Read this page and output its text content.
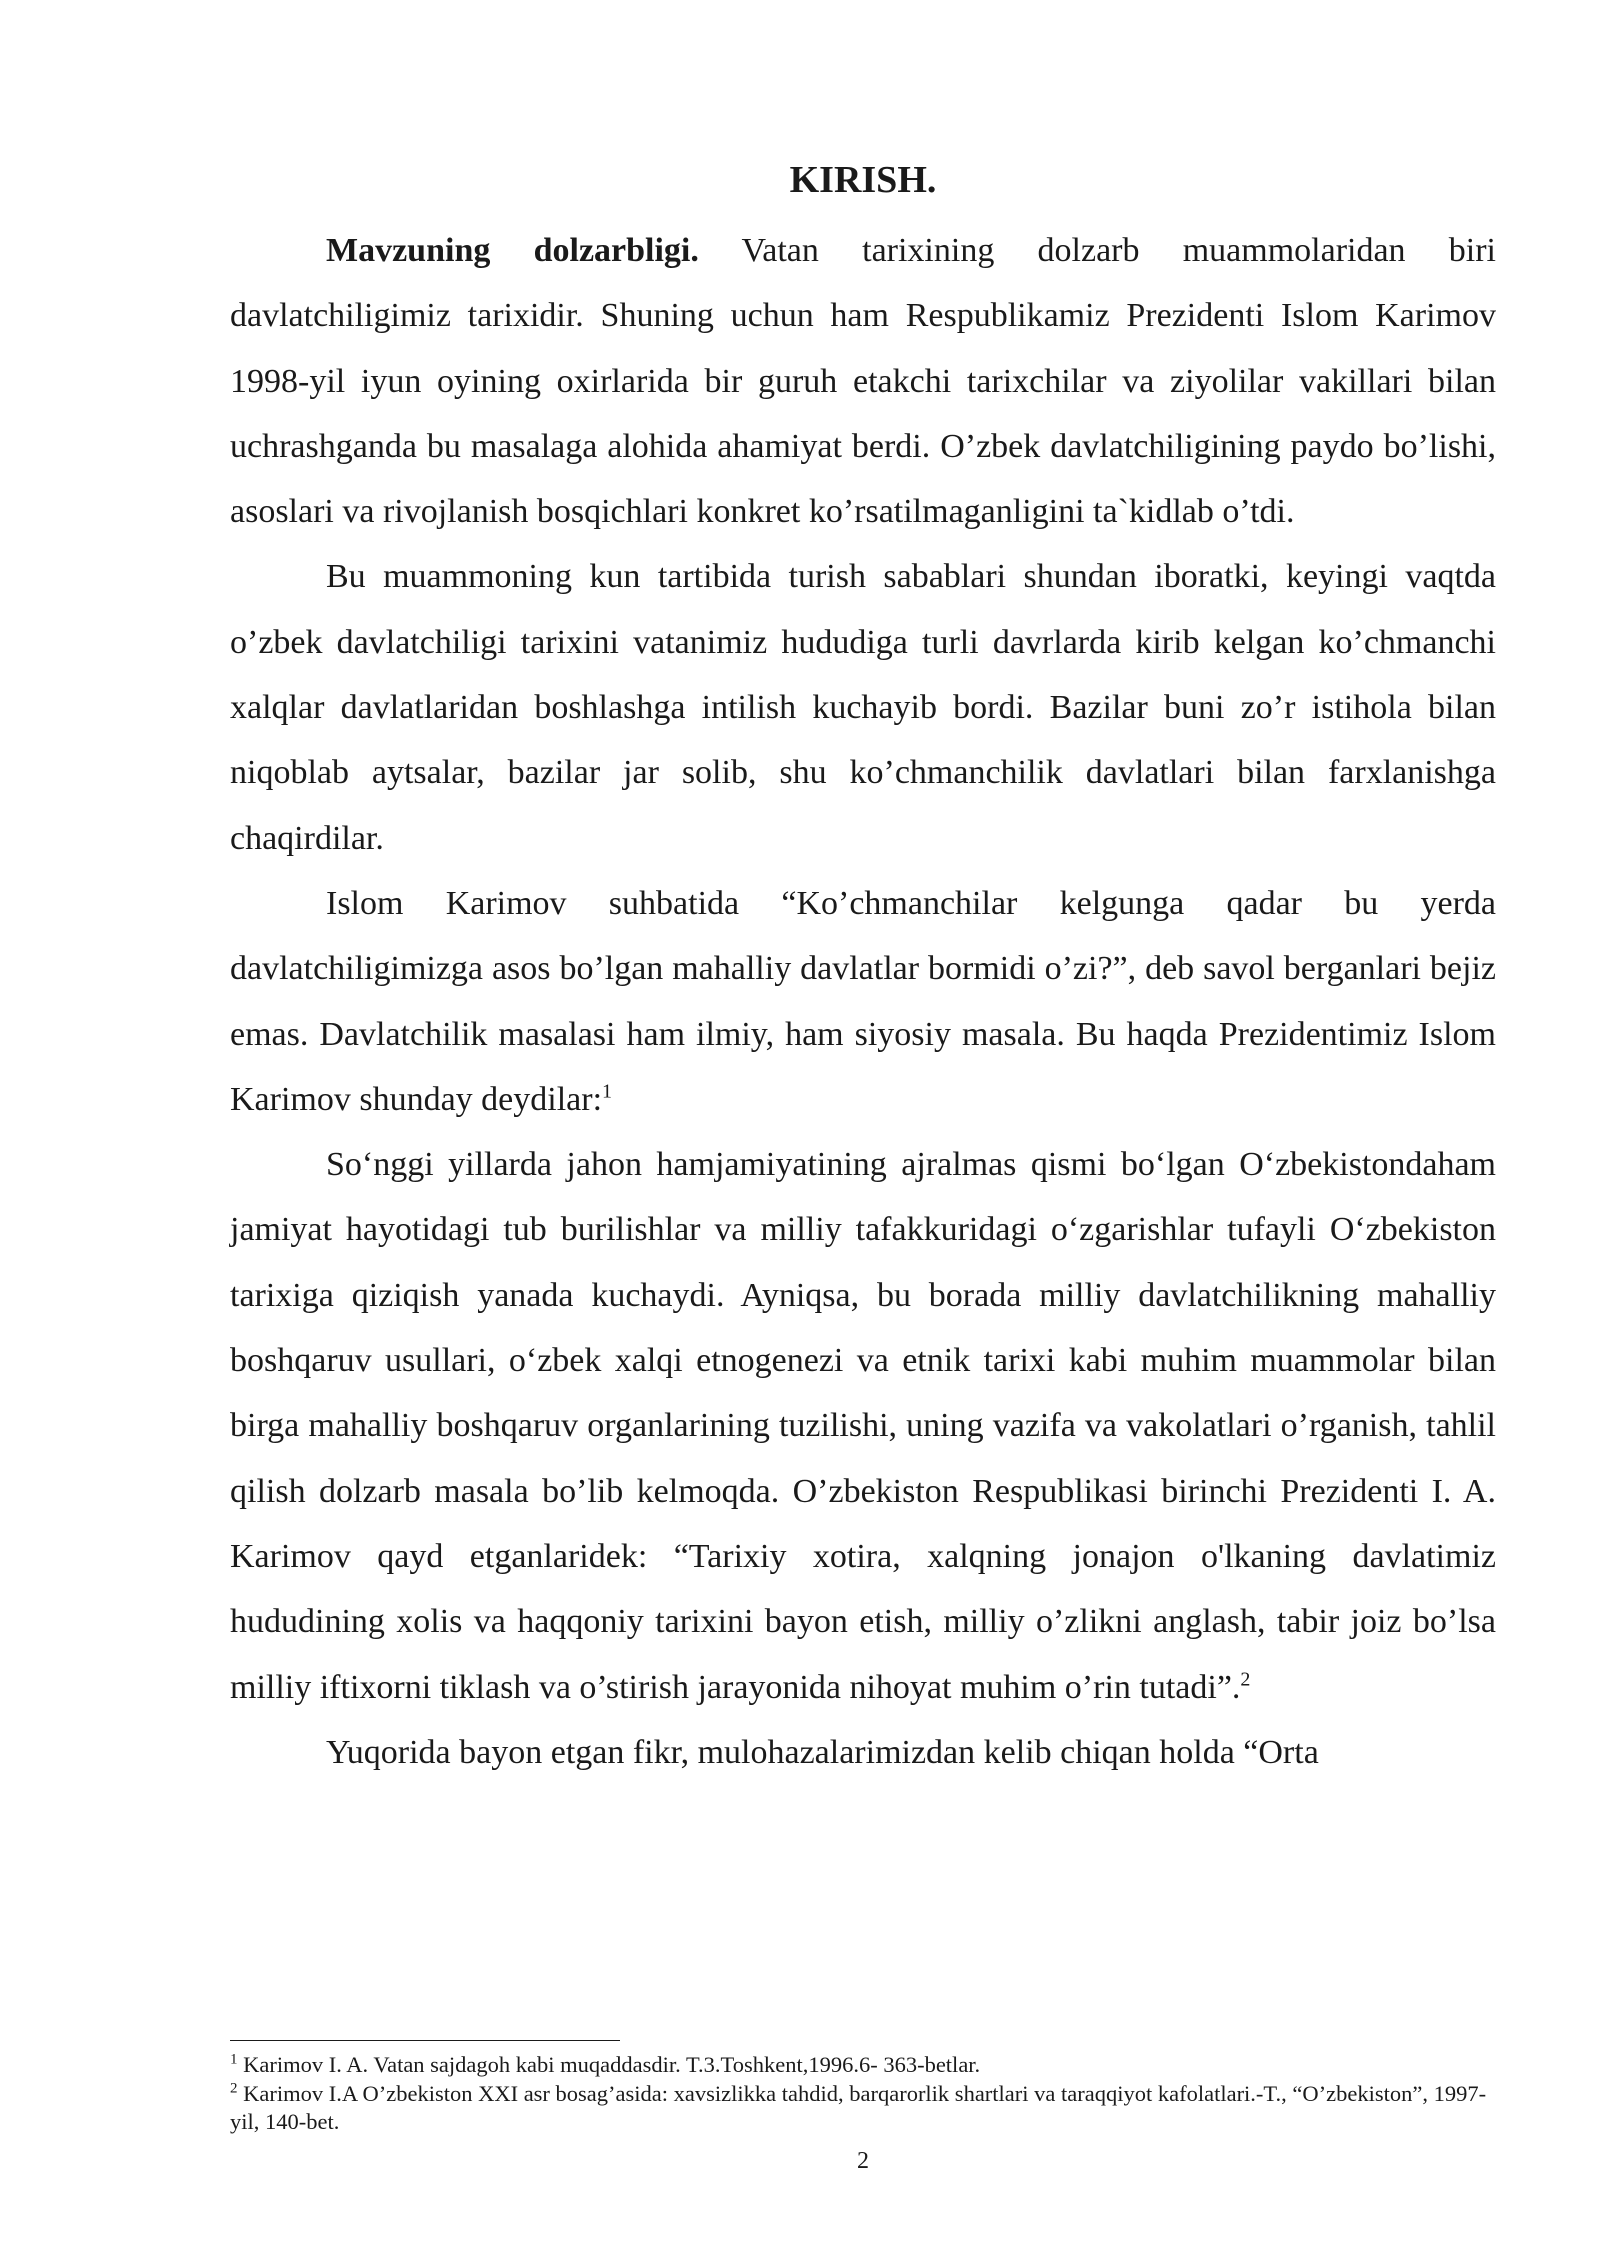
KIRISH.

Mavzuning dolzarbligi. Vatan tarixining dolzarb muammolaridan biri davlatchiligimiz tarixidir. Shuning uchun ham Respublikamiz Prezidenti Islom Karimov 1998-yil iyun oyining oxirlarida bir guruh etakchi tarixchilar va ziyolilar vakillari bilan uchrashganda bu masalaga alohida ahamiyat berdi. O’zbek davlatchiligining paydo bo’lishi, asoslari va rivojlanish bosqichlari konkret ko’rsatilmaganligini ta`kidlab o’tdi.

Bu muammoning kun tartibida turish sabablari shundan iboratki, keyingi vaqtda o’zbek davlatchiligi tarixini vatanimiz hududiga turli davrlarda kirib kelgan ko’chmanchi xalqlar davlatlaridan boshlashga intilish kuchayib bordi. Bazilar buni zo’r istihola bilan niqoblab aytsalar, bazilar jar solib, shu ko’chmanchilik davlatlari bilan farxlanishga chaqirdilar.

Islom Karimov suhbatida “Ko’chmanchilar kelgunga qadar bu yerda davlatchiligimizga asos bo’lgan mahalliy davlatlar bormidi o’zi?”, deb savol berganlari bejiz emas. Davlatchilik masalasi ham ilmiy, ham siyosiy masala. Bu haqda Prezidentimiz Islom Karimov shunday deydilar:$^1$

So‘nggi yillarda jahon hamjamiyatining ajralmas qismi bo‘lgan O‘zbekistondaham jamiyat hayotidagi tub burilishlar va milliy tafakkuridagi o‘zgarishlar tufayli O‘zbekiston tarixiga qiziqish yanada kuchaydi. Ayniqsa, bu borada milliy davlatchilikning mahalliy boshqaruv usullari, o‘zbek xalqi etnogenezi va etnik tarixi kabi muhim muammolar bilan birga mahalliy boshqaruv organlarining tuzilishi, uning vazifa va vakolatlari o’rganish, tahlil qilish dolzarb masala bo’lib kelmoqda. O’zbekiston Respublikasi birinchi Prezidenti I. A. Karimov qayd etganlaridek: “Tarixiy xotira, xalqning jonajon o'lkaning davlatimiz hududining xolis va haqqoniy tarixini bayon etish, milliy o’zlikni anglash, tabir joiz bo’lsa milliy iftixorni tiklash va o’stirish jarayonida nihoyat muhim o’rin tutadi”.$^2$

Yuqorida bayon etgan fikr, mulohazalarimizdan kelib chiqan holda “Orta

$^1$ Karimov I. A. Vatan sajdagoh kabi muqaddasdir. T.3.Toshkent,1996.6- 363-betlar.

$^2$ Karimov I.A O’zbekiston XXI asr bosag’asida: xavsizlikka tahdid, barqarorlik shartlari va taraqqiyot kafolatlari.-T., “O’zbekiston”, 1997-yil, 140-bet.

2
